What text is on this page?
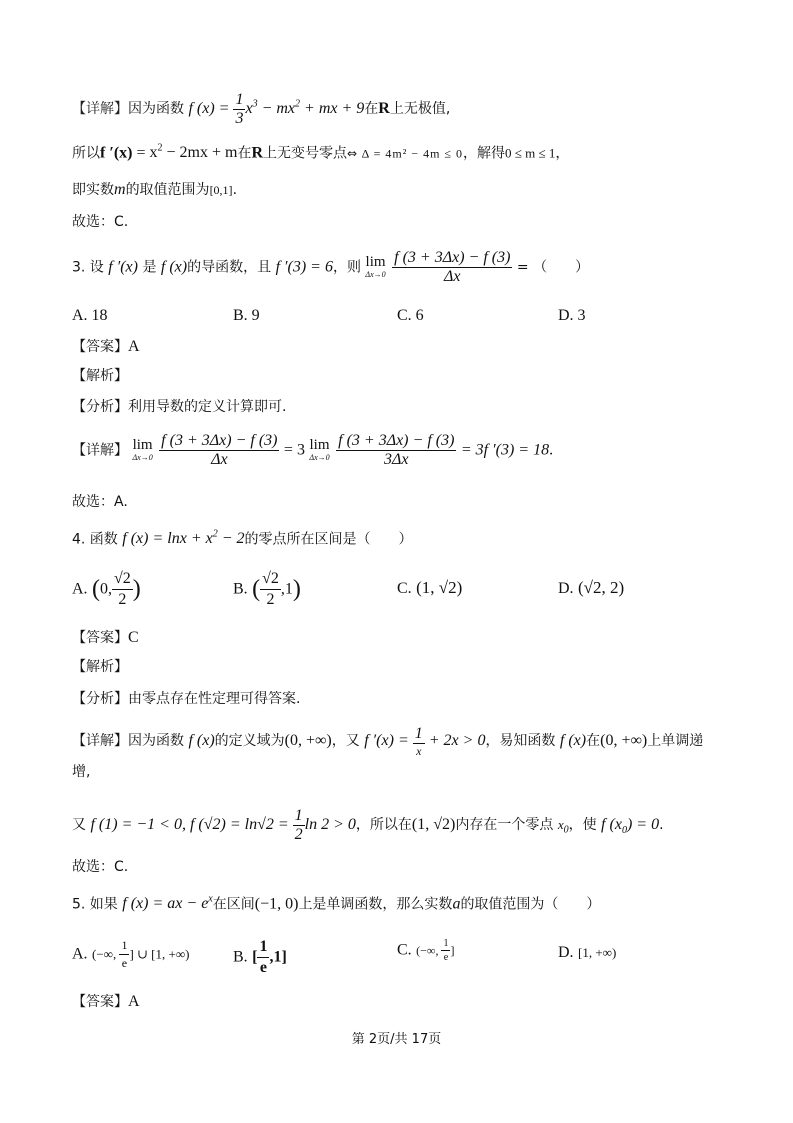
【详解】因为函数 f $(x) = \frac{1}{3} x^3 - mx^2$ + mx + 9在R上无极值,
所以f $'(x) = x^2 - 2mx + m$在R上无变号零点⇔ Δ = 4m² − 4m ≤ 0，解得0 ≤ m ≤ 1，
即实数m的取值范围为[0,1].
故选：C.
3. 设 f ′(x) 是 f (x)的导函数，且 f ′(3) = 6，则 lim
Δx→0
$\frac{f (3 + 3\Delta x) - f (3)}{\Delta x}$ = （　　）
A. 18	B. 9	C. 6	D. 3
【答案】A
【解析】
【分析】利用导数的定义计算即可.
【详解】 lim
Δx→0
$\frac{f (3 + 3\Delta x) - f (3)}{\Delta x} = 3$ lim
Δx→0
$\frac{f (3 + 3\Delta x) - f (3)}{3\Delta x} = 3f$ ′(3) = 18.
故选：A.
4. 函数 f $(x) = \ln x + x^2 - 2$的零点所在区间是（　　）
A. (0, $\frac{√2}{2}$ )	B. ( $\frac{√2}{2} ,1$)	C. (1, √2)	D. (√2, 2)
【答案】C
【解析】
【分析】由零点存在性定理可得答案.
【详解】因为函数 f (x)的定义域为(0, +∞)，又 f $'(x) = \frac{1}{x} + 2x > 0$，易知函数 f (x)在(0, +∞)上单调递
增,
又 f (1) = −1 < 0, f $(√2) = \ln√2 = \frac{1}{2}$ ln 2 > 0，所以在(1, √2)内存在一个零点 $x_0$，使 f $(x_0) = 0$.
故选：C.
5. 如果 f (x) = ax − $e^x$在区间(−1, 0)上是单调函数，那么实数a的取值范围为（　　）
A. (−∞, $\frac{1}{e}$ ] ∪ [1, +∞)	B. [ $\frac{1}{e} ,1$]	C. (−∞, $\frac{1}{e}$ ]	D. [1, +∞)
【答案】A
第 2页/共 17页
